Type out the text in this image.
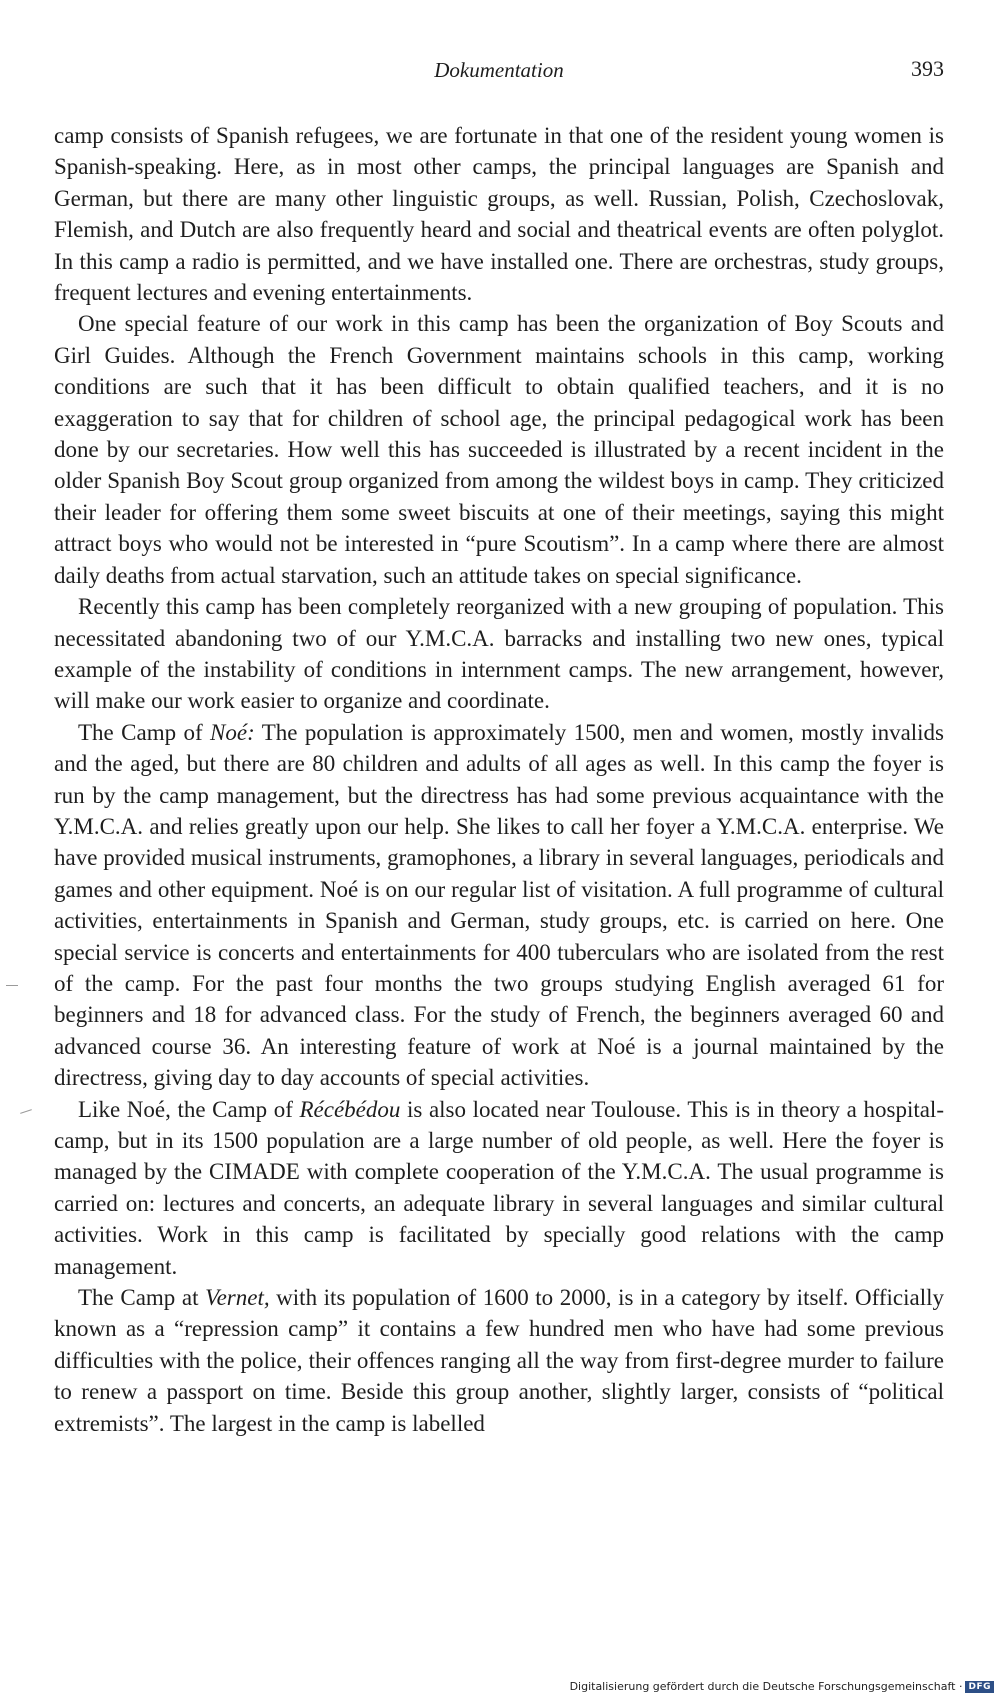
Dokumentation	393

camp consists of Spanish refugees, we are fortunate in that one of the resident young women is Spanish-speaking. Here, as in most other camps, the principal languages are Spanish and German, but there are many other linguistic groups, as well. Russian, Polish, Czechoslovak, Flemish, and Dutch are also frequently heard and social and theatrical events are often polyglot. In this camp a radio is permitted, and we have installed one. There are orchestras, study groups, frequent lectures and evening entertainments.

One special feature of our work in this camp has been the organization of Boy Scouts and Girl Guides. Although the French Government maintains schools in this camp, working conditions are such that it has been difficult to obtain qualified teachers, and it is no exaggeration to say that for children of school age, the principal pedagogical work has been done by our secretaries. How well this has succeeded is illustrated by a recent incident in the older Spanish Boy Scout group organized from among the wildest boys in camp. They criticized their leader for offering them some sweet biscuits at one of their meetings, saying this might attract boys who would not be interested in “pure Scoutism”. In a camp where there are almost daily deaths from actual starvation, such an attitude takes on special significance.

Recently this camp has been completely reorganized with a new grouping of population. This necessitated abandoning two of our Y.M.C.A. barracks and installing two new ones, typical example of the instability of conditions in internment camps. The new arrangement, however, will make our work easier to organize and coordinate.

The Camp of Noé: The population is approximately 1500, men and women, mostly invalids and the aged, but there are 80 children and adults of all ages as well. In this camp the foyer is run by the camp management, but the directress has had some previous acquaintance with the Y.M.C.A. and relies greatly upon our help. She likes to call her foyer a Y.M.C.A. enterprise. We have provided musical instruments, gramophones, a library in several languages, periodicals and games and other equipment. Noé is on our regular list of visitation. A full programme of cultural activities, entertainments in Spanish and German, study groups, etc. is carried on here. One special service is concerts and entertainments for 400 tuberculars who are isolated from the rest of the camp. For the past four months the two groups studying English averaged 61 for beginners and 18 for advanced class. For the study of French, the beginners averaged 60 and advanced course 36. An interesting feature of work at Noé is a journal maintained by the directress, giving day to day accounts of special activities.

Like Noé, the Camp of Récébédou is also located near Toulouse. This is in theory a hospital-camp, but in its 1500 population are a large number of old people, as well. Here the foyer is managed by the CIMADE with complete cooperation of the Y.M.C.A. The usual programme is carried on: lectures and concerts, an adequate library in several languages and similar cultural activities. Work in this camp is facilitated by specially good relations with the camp management.

The Camp at Vernet, with its population of 1600 to 2000, is in a category by itself. Officially known as a “repression camp” it contains a few hundred men who have had some previous difficulties with the police, their offences ranging all the way from first-degree murder to failure to renew a passport on time. Beside this group another, slightly larger, consists of “political extremists”. The largest in the camp is labelled

Digitalisierung gefördert durch die Deutsche Forschungsgemeinschaft · DFG
